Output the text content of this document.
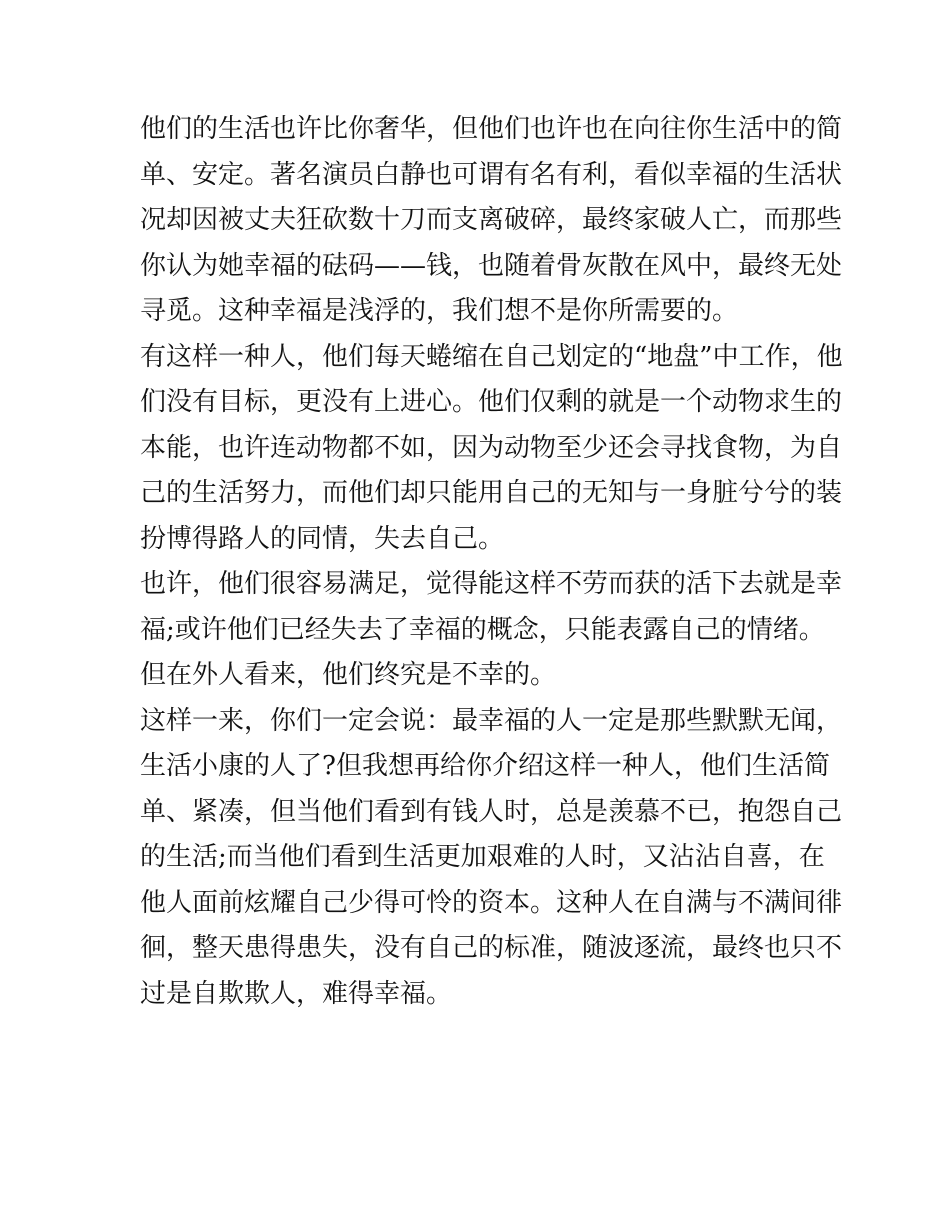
他们的生活也许比你奢华，但他们也许也在向往你生活中的简
单、安定。著名演员白静也可谓有名有利，看似幸福的生活状
况却因被丈夫狂砍数十刀而支离破碎，最终家破人亡，而那些
你认为她幸福的砝码——钱，也随着骨灰散在风中，最终无处
寻觅。这种幸福是浅浮的，我们想不是你所需要的。
有这样一种人，他们每天蜷缩在自己划定的“地盘”中工作，他
们没有目标，更没有上进心。他们仅剩的就是一个动物求生的
本能，也许连动物都不如，因为动物至少还会寻找食物，为自
己的生活努力，而他们却只能用自己的无知与一身脏兮兮的装
扮博得路人的同情，失去自己。
也许，他们很容易满足，觉得能这样不劳而获的活下去就是幸
福;或许他们已经失去了幸福的概念，只能表露自己的情绪。
但在外人看来，他们终究是不幸的。
这样一来，你们一定会说：最幸福的人一定是那些默默无闻，
生活小康的人了?但我想再给你介绍这样一种人，他们生活简
单、紧凑，但当他们看到有钱人时，总是羡慕不已，抱怨自己
的生活;而当他们看到生活更加艰难的人时，又沾沾自喜，在
他人面前炫耀自己少得可怜的资本。这种人在自满与不满间徘
徊，整天患得患失，没有自己的标准，随波逐流，最终也只不
过是自欺欺人，难得幸福。
